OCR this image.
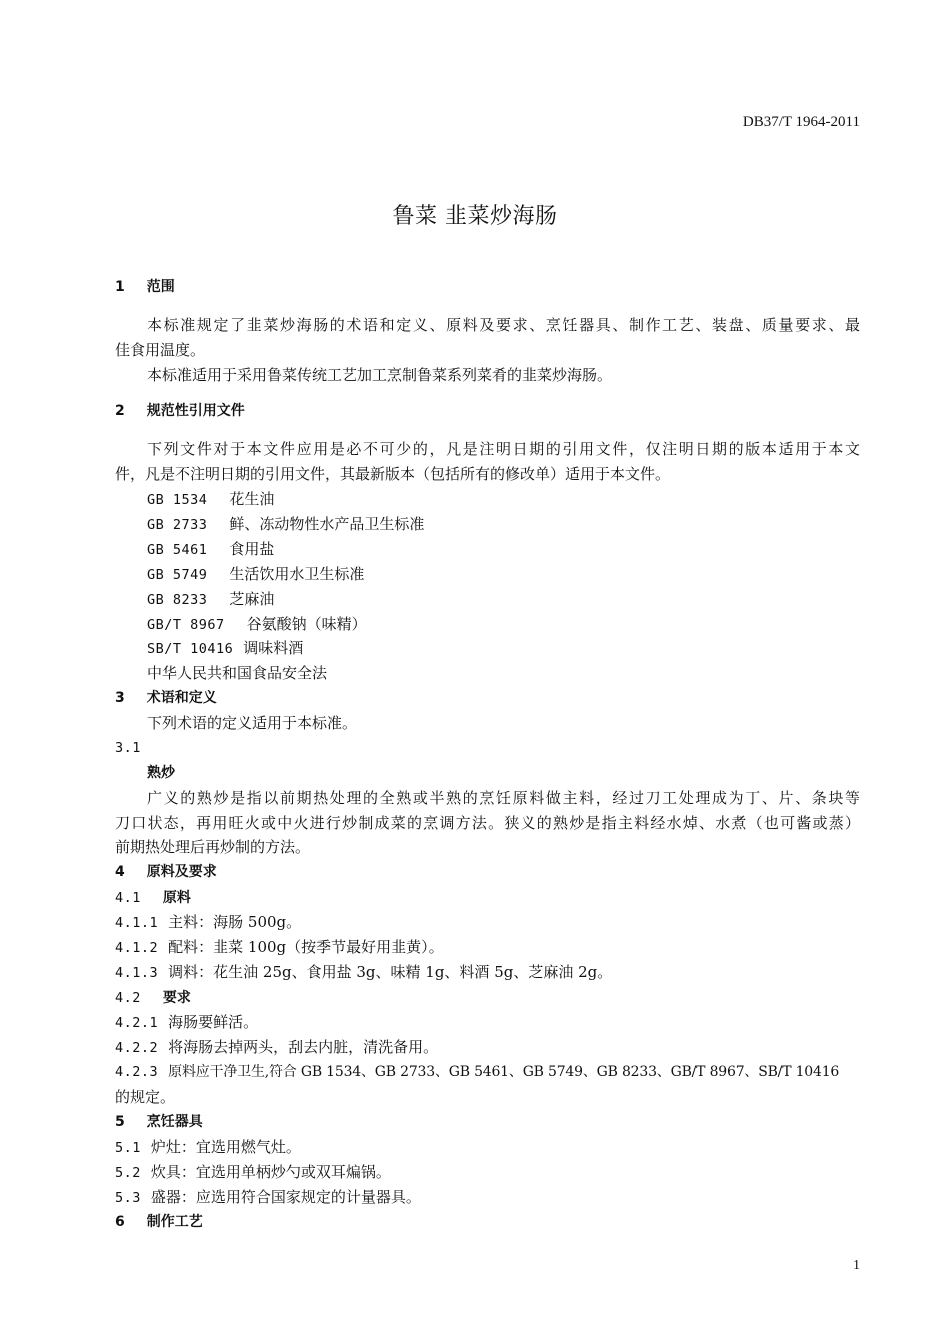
DB37/T 1964-2011
鲁菜 韭菜炒海肠
1 范围
本标准规定了韭菜炒海肠的术语和定义、原料及要求、烹饪器具、制作工艺、装盘、质量要求、最
佳食用温度。
本标准适用于采用鲁菜传统工艺加工烹制鲁菜系列菜肴的韭菜炒海肠。
2 规范性引用文件
下列文件对于本文件应用是必不可少的，凡是注明日期的引用文件，仅注明日期的版本适用于本文
件，凡是不注明日期的引用文件，其最新版本（包括所有的修改单）适用于本文件。
GB 1534 花生油
GB 2733 鲜、冻动物性水产品卫生标准
GB 5461 食用盐
GB 5749 生活饮用水卫生标准
GB 8233 芝麻油
GB/T 8967 谷氨酸钠（味精）
SB/T 10416 调味料酒
中华人民共和国食品安全法
3 术语和定义
下列术语的定义适用于本标准。
3.1
熟炒
广义的熟炒是指以前期热处理的全熟或半熟的烹饪原料做主料，经过刀工处理成为丁、片、条块等
刀口状态，再用旺火或中火进行炒制成菜的烹调方法。狭义的熟炒是指主料经水焯、水煮（也可酱或蒸）
前期热处理后再炒制的方法。
4 原料及要求
4.1 原料
4.1.1 主料：海肠 500g。
4.1.2 配料：韭菜 100g（按季节最好用韭黄）。
4.1.3 调料：花生油 25g、食用盐 3g、味精 1g、料酒 5g、芝麻油 2g。
4.2 要求
4.2.1 海肠要鲜活。
4.2.2 将海肠去掉两头，刮去内脏，清洗备用。
4.2.3 原料应干净卫生,符合 GB 1534、GB 2733、GB 5461、GB 5749、GB 8233、GB/T 8967、SB/T 10416
的规定。
5 烹饪器具
5.1 炉灶：宜选用燃气灶。
5.2 炊具：宜选用单柄炒勺或双耳煸锅。
5.3 盛器：应选用符合国家规定的计量器具。
6 制作工艺
1
